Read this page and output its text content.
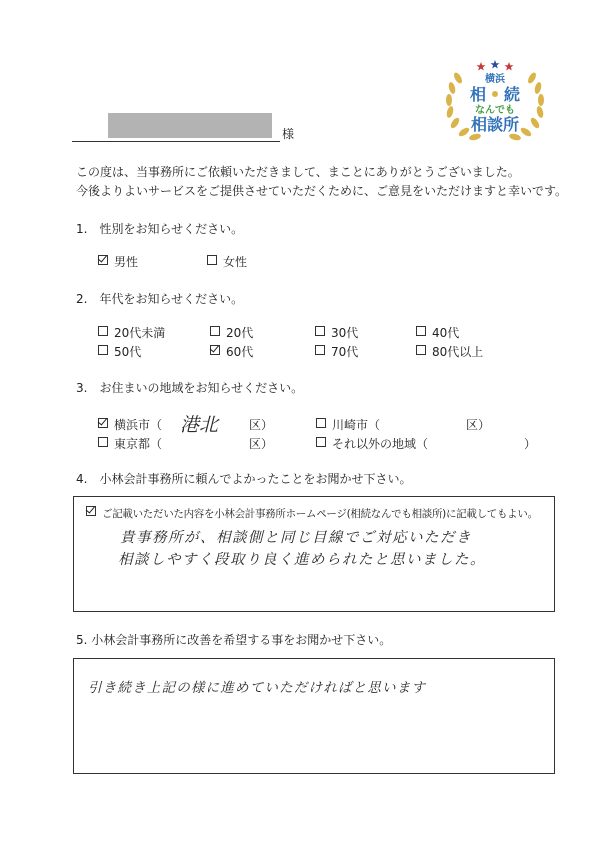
横浜
相 続
なんでも
相談所
様
この度は、当事務所にご依頼いただきまして、まことにありがとうございました。
今後よりよいサービスをご提供させていただくために、ご意見をいただけますと幸いです。
1.　性別をお知らせください。
男性	女性
2.　年代をお知らせください。
20代未満	20代	30代	40代
50代	60代	70代	80代以上
3.　お住まいの地域をお知らせください。
横浜市（ 港北	区）	川崎市（	区）
東京都（	区）	それ以外の地域（	）
4.　小林会計事務所に頼んでよかったことをお聞かせ下さい。
ご記載いただいた内容を小林会計事務所ホームページ(相続なんでも相談所)に記載してもよい。
貴事務所が、相談側と同じ目線でご対応いただき
相談しやすく段取り良く進められたと思いました。
5. 小林会計事務所に改善を希望する事をお聞かせ下さい。
引き続き上記の様に進めていただければと思います
